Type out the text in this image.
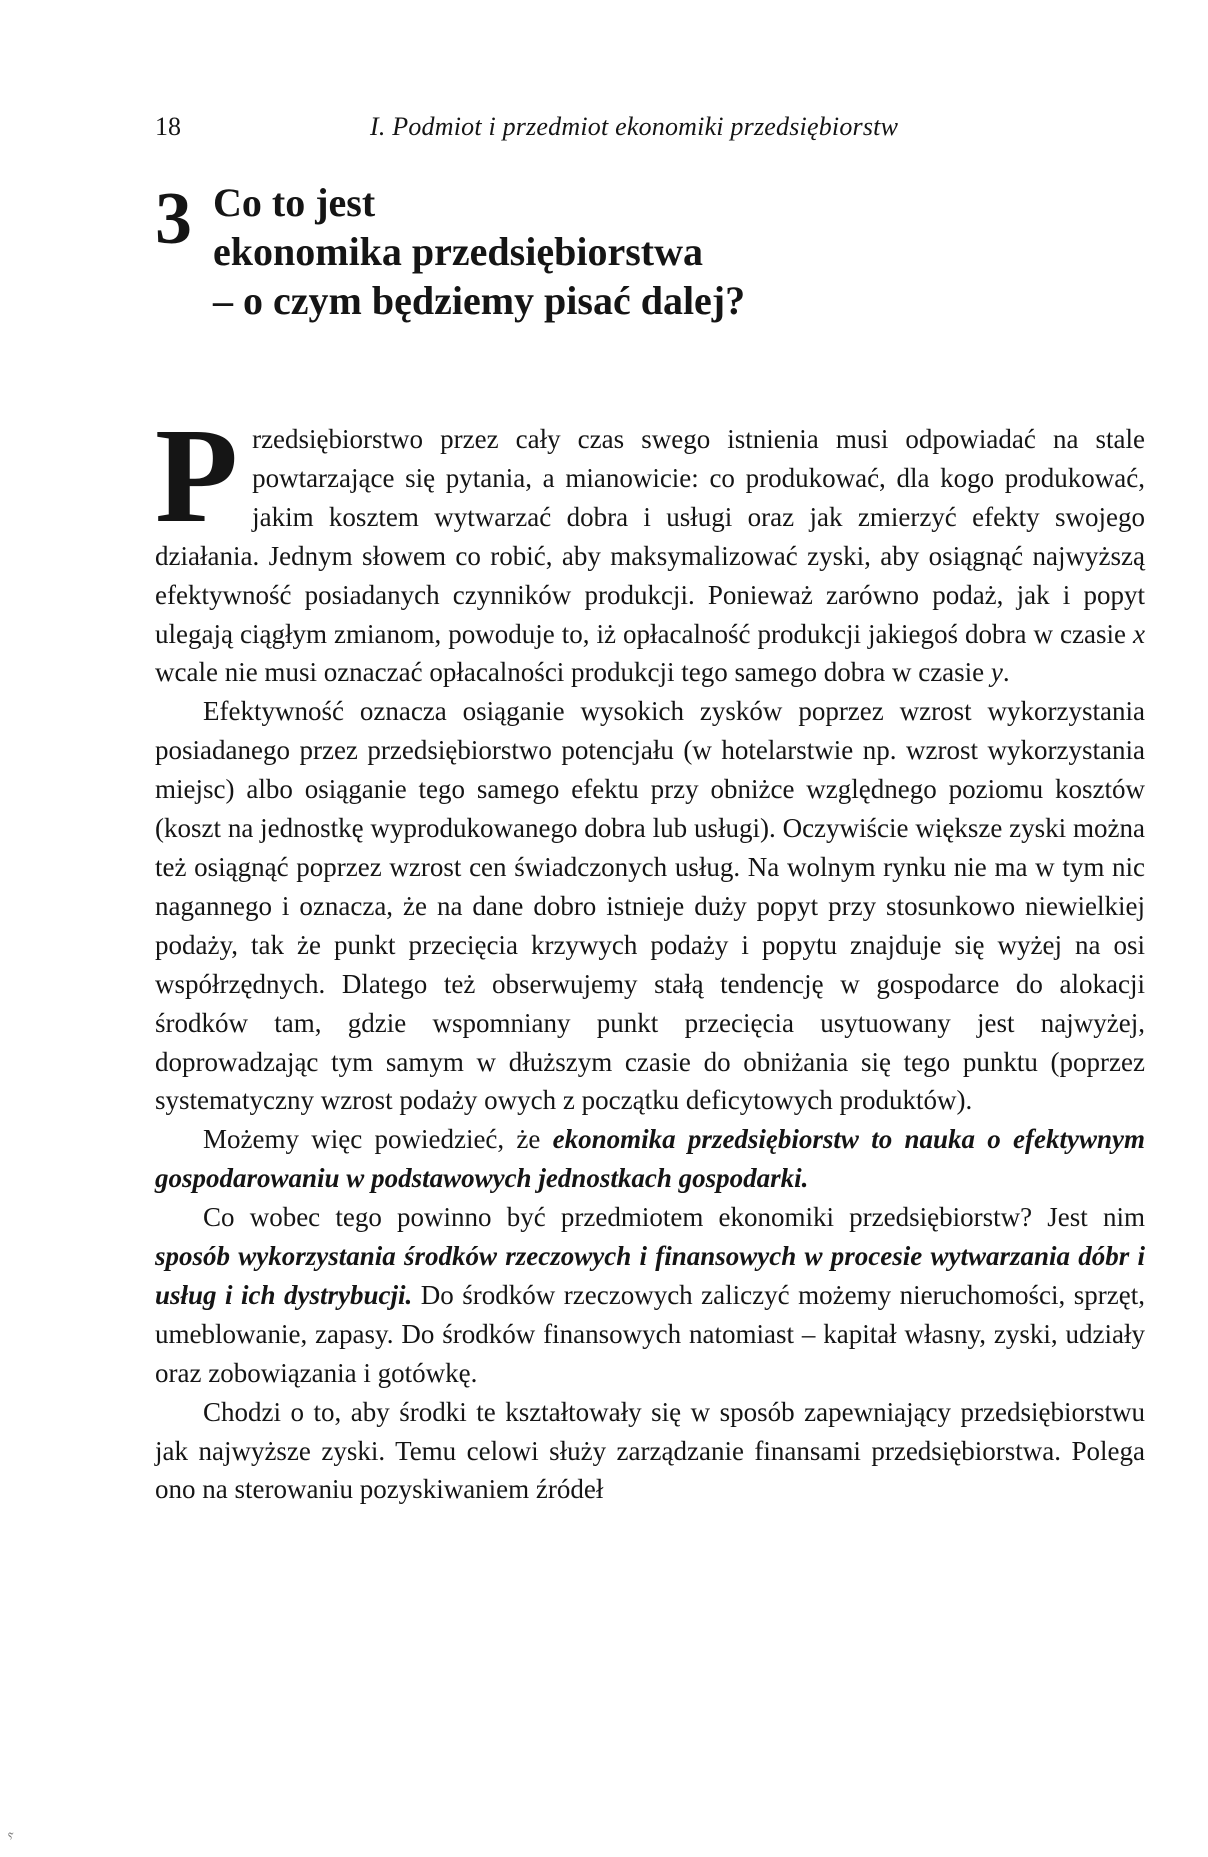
18	I. Podmiot i przedmiot ekonomiki przedsiębiorstw
3 Co to jest
ekonomika przedsiębiorstwa
– o czym będziemy pisać dalej?

Przedsiębiorstwo przez cały czas swego istnienia musi odpowiadać na stale powtarzające się pytania, a mianowicie: co produkować, dla kogo produkować, jakim kosztem wytwarzać dobra i usługi oraz jak zmierzyć efekty swojego działania. Jednym słowem co robić, aby maksymalizować zyski, aby osiągnąć najwyższą efektywność posiadanych czynników produkcji. Ponieważ zarówno podaż, jak i popyt ulegają ciągłym zmianom, powoduje to, iż opłacalność produkcji jakiegoś dobra w czasie x wcale nie musi oznaczać opłacalności produkcji tego samego dobra w czasie y.

Efektywność oznacza osiąganie wysokich zysków poprzez wzrost wykorzystania posiadanego przez przedsiębiorstwo potencjału (w hotelarstwie np. wzrost wykorzystania miejsc) albo osiąganie tego samego efektu przy obniżce względnego poziomu kosztów (koszt na jednostkę wyprodukowanego dobra lub usługi). Oczywiście większe zyski można też osiągnąć poprzez wzrost cen świadczonych usług. Na wolnym rynku nie ma w tym nic nagannego i oznacza, że na dane dobro istnieje duży popyt przy stosunkowo niewielkiej podaży, tak że punkt przecięcia krzywych podaży i popytu znajduje się wyżej na osi współrzędnych. Dlatego też obserwujemy stałą tendencję w gospodarce do alokacji środków tam, gdzie wspomniany punkt przecięcia usytuowany jest najwyżej, doprowadzając tym samym w dłuższym czasie do obniżania się tego punktu (poprzez systematyczny wzrost podaży owych z początku deficytowych produktów).

Możemy więc powiedzieć, że ekonomika przedsiębiorstw to nauka o efektywnym gospodarowaniu w podstawowych jednostkach gospodarki.

Co wobec tego powinno być przedmiotem ekonomiki przedsiębiorstw? Jest nim sposób wykorzystania środków rzeczowych i finansowych w procesie wytwarzania dóbr i usług i ich dystrybucji. Do środków rzeczowych zaliczyć możemy nieruchomości, sprzęt, umeblowanie, zapasy. Do środków finansowych natomiast – kapitał własny, zyski, udziały oraz zobowiązania i gotówkę.

Chodzi o to, aby środki te kształtowały się w sposób zapewniający przedsiębiorstwu jak najwyższe zyski. Temu celowi służy zarządzanie finansami przedsiębiorstwa. Polega ono na sterowaniu pozyskiwaniem źródeł

ⲋ
